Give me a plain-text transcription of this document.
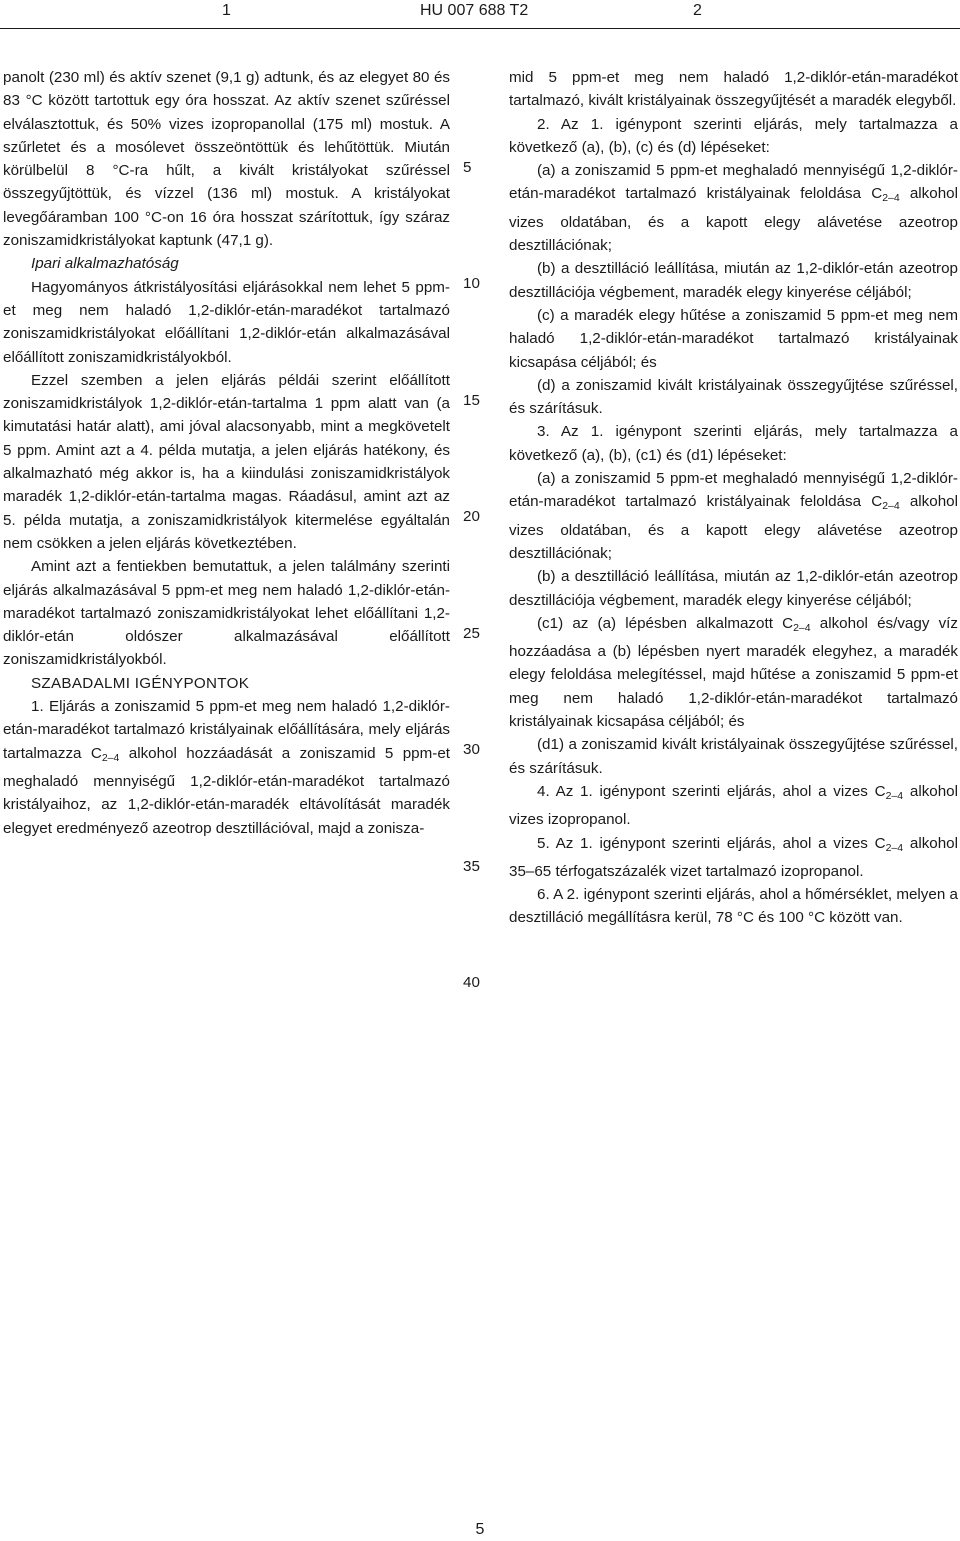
1	HU 007 688 T2	2

panolt (230 ml) és aktív szenet (9,1 g) adtunk, és az elegyet 80 és 83 °C között tartottuk egy óra hosszat. Az aktív szenet szűréssel elválasztottuk, és 50% vizes izopropanollal (175 ml) mostuk. A szűrletet és a mosólevet összeöntöttük és lehűtöttük. Miután körülbelül 8 °C-ra hűlt, a kivált kristályokat szűréssel összegyűjtöttük, és vízzel (136 ml) mostuk. A kristályokat levegőáramban 100 °C-on 16 óra hosszat szárítottuk, így száraz zoniszamidkristályokat kaptunk (47,1 g).

Ipari alkalmazhatóság

Hagyományos átkristályosítási eljárásokkal nem lehet 5 ppm-et meg nem haladó 1,2-diklór-etán-maradékot tartalmazó zoniszamidkristályokat előállítani 1,2-diklór-etán alkalmazásával előállított zoniszamidkristályokból.

Ezzel szemben a jelen eljárás példái szerint előállított zoniszamidkristályok 1,2-diklór-etán-tartalma 1 ppm alatt van (a kimutatási határ alatt), ami jóval alacsonyabb, mint a megkövetelt 5 ppm. Amint azt a 4. példa mutatja, a jelen eljárás hatékony, és alkalmazható még akkor is, ha a kiindulási zoniszamidkristályok maradék 1,2-diklór-etán-tartalma magas. Ráadásul, amint azt az 5. példa mutatja, a zoniszamidkristályok kitermelése egyáltalán nem csökken a jelen eljárás következtében.

Amint azt a fentiekben bemutattuk, a jelen találmány szerinti eljárás alkalmazásával 5 ppm-et meg nem haladó 1,2-diklór-etán-maradékot tartalmazó zoniszamidkristályokat lehet előállítani 1,2-diklór-etán oldószer alkalmazásával előállított zoniszamidkristályokból.

SZABADALMI IGÉNYPONTOK

1. Eljárás a zoniszamid 5 ppm-et meg nem haladó 1,2-diklór-etán-maradékot tartalmazó kristályainak előállítására, mely eljárás tartalmazza $C_{2-4}$ alkohol hozzáadását a zoniszamid 5 ppm-et meghaladó mennyiségű 1,2-diklór-etán-maradékot tartalmazó kristályaihoz, az 1,2-diklór-etán-maradék eltávolítását maradék elegyet eredményező azeotrop desztillációval, majd a zonisza-

5
10
15
20
25
30
35
40

mid 5 ppm-et meg nem haladó 1,2-diklór-etán-maradékot tartalmazó, kivált kristályainak összegyűjtését a maradék elegyből.

2. Az 1. igénypont szerinti eljárás, mely tartalmazza a következő (a), (b), (c) és (d) lépéseket:

(a) a zoniszamid 5 ppm-et meghaladó mennyiségű 1,2-diklór-etán-maradékot tartalmazó kristályainak feloldása $C_{2-4}$ alkohol vizes oldatában, és a kapott elegy alávetése azeotrop desztillációnak;

(b) a desztilláció leállítása, miután az 1,2-diklór-etán azeotrop desztillációja végbement, maradék elegy kinyerése céljából;

(c) a maradék elegy hűtése a zoniszamid 5 ppm-et meg nem haladó 1,2-diklór-etán-maradékot tartalmazó kristályainak kicsapása céljából; és

(d) a zoniszamid kivált kristályainak összegyűjtése szűréssel, és szárításuk.

3. Az 1. igénypont szerinti eljárás, mely tartalmazza a következő (a), (b), (c1) és (d1) lépéseket:

(a) a zoniszamid 5 ppm-et meghaladó mennyiségű 1,2-diklór-etán-maradékot tartalmazó kristályainak feloldása $C_{2-4}$ alkohol vizes oldatában, és a kapott elegy alávetése azeotrop desztillációnak;

(b) a desztilláció leállítása, miután az 1,2-diklór-etán azeotrop desztillációja végbement, maradék elegy kinyerése céljából;

(c1) az (a) lépésben alkalmazott $C_{2-4}$ alkohol és/vagy víz hozzáadása a (b) lépésben nyert maradék elegyhez, a maradék elegy feloldása melegítéssel, majd hűtése a zoniszamid 5 ppm-et meg nem haladó 1,2-diklór-etán-maradékot tartalmazó kristályainak kicsapása céljából; és

(d1) a zoniszamid kivált kristályainak összegyűjtése szűréssel, és szárításuk.

4. Az 1. igénypont szerinti eljárás, ahol a vizes $C_{2-4}$ alkohol vizes izopropanol.

5. Az 1. igénypont szerinti eljárás, ahol a vizes $C_{2-4}$ alkohol 35–65 térfogatszázalék vizet tartalmazó izopropanol.

6. A 2. igénypont szerinti eljárás, ahol a hőmérséklet, melyen a desztilláció megállításra kerül, 78 °C és 100 °C között van.

5
